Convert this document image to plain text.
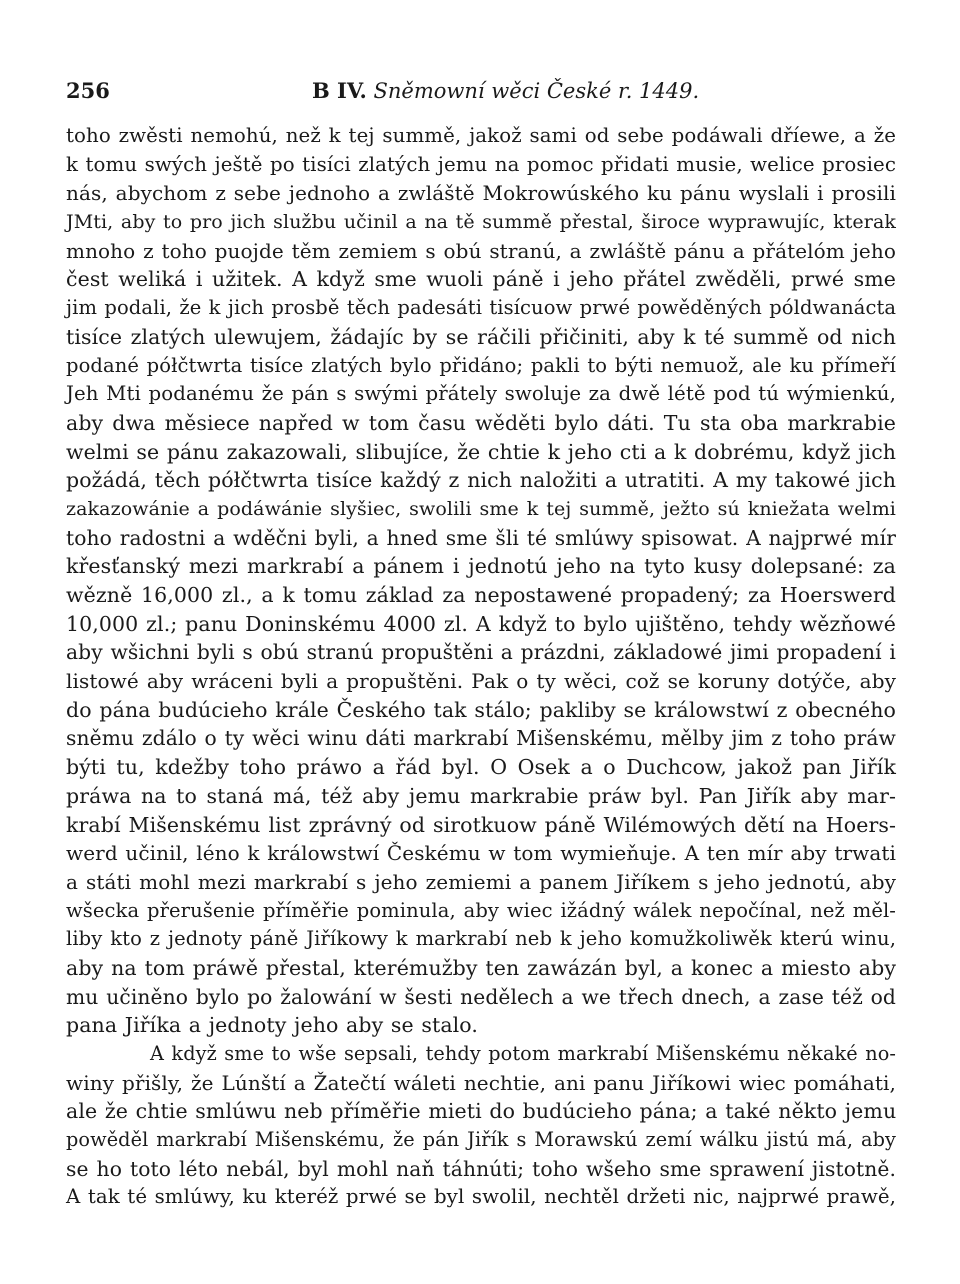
256	B IV. Sněmowní wěci České r. 1449.
toho zwěsti nemohú, než k tej summě, jakož sami od sebe podáwali dříewe, a že
k tomu swých ještě po tisíci zlatých jemu na pomoc přidati musie, welice prosiec
nás, abychom z sebe jednoho a zwláště Mokrowúského ku pánu wyslali i prosili
JMti, aby to pro jich službu učinil a na tě summě přestal, široce wyprawujíc, kterak
mnoho z toho puojde těm zemiem s obú stranú, a zwláště pánu a přátelóm jeho
čest weliká i užitek. A když sme wuoli páně i jeho přátel zwěděli, prwé sme
jim podali, že k jich prosbě těch padesáti tisícuow prwé powěděných póldwanácta
tisíce zlatých ulewujem, žádajíc by se ráčili přičiniti, aby k té summě od nich
podané półčtwrta tisíce zlatých bylo přidáno; pakli to býti nemuož, ale ku přímeří
Jeh Mti podanému že pán s swými přátely swoluje za dwě létě pod tú wýmienkú,
aby dwa měsiece napřed w tom času wěděti bylo dáti. Tu sta oba markrabie
welmi se pánu zakazowali, slibujíce, že chtie k jeho cti a k dobrému, když jich
požádá, těch półčtwrta tisíce každý z nich naložiti a utratiti. A my takowé jich
zakazowánie a podáwánie slyšiec, swolili sme k tej summě, ježto sú kniežata welmi
toho radostni a wděčni byli, a hned sme šli té smlúwy spisowat. A najprwé mír
křesťanský mezi markrabí a pánem i jednotú jeho na tyto kusy dolepsané: za
wězně 16,000 zl., a k tomu základ za nepostawené propadený; za Hoerswerd
10,000 zl.; panu Doninskému 4000 zl. A když to bylo ujištěno, tehdy wězňowé
aby wšichni byli s obú stranú propuštěni a prázdni, základowé jimi propadení i
listowé aby wráceni byli a propuštěni. Pak o ty wěci, což se koruny dotýče, aby
do pána budúcieho krále Českého tak stálo; pakliby se králowstwí z obecného
sněmu zdálo o ty wěci winu dáti markrabí Mišenskému, mělby jim z toho práw
býti tu, kdežby toho práwo a řád byl. O Osek a o Duchcow, jakož pan Jiřík
práwa na to staná má, též aby jemu markrabie práw byl. Pan Jiřík aby mar-
krabí Mišenskému list zprávný od sirotkuow páně Wilémowých dětí na Hoers-
werd učinil, léno k králowstwí Českému w tom wymieňuje. A ten mír aby trwati
a státi mohl mezi markrabí s jeho zemiemi a panem Jiříkem s jeho jednotú, aby
wšecka přerušenie příměřie pominula, aby wiec ižádný wálek nepočínal, než měl-
liby kto z jednoty páně Jiříkowy k markrabí neb k jeho komužkoliwěk kterú winu,
aby na tom práwě přestal, kterémužby ten zawázán byl, a konec a miesto aby
mu učiněno bylo po žalowání w šesti nedělech a we třech dnech, a zase též od
pana Jiříka a jednoty jeho aby se stalo.
A když sme to wše sepsali, tehdy potom markrabí Mišenskému někaké no-
winy přišly, že Lúnští a Žatečtí wáleti nechtie, ani panu Jiříkowi wiec pomáhati,
ale že chtie smlúwu neb příměřie mieti do budúcieho pána; a také někto jemu
powěděl markrabí Mišenskému, že pán Jiřík s Morawskú zemí wálku jistú má, aby
se ho toto léto nebál, byl mohl naň táhnúti; toho wšeho sme sprawení jistotně.
A tak té smlúwy, ku kteréž prwé se byl swolil, nechtěl držeti nic, najprwé prawě,
